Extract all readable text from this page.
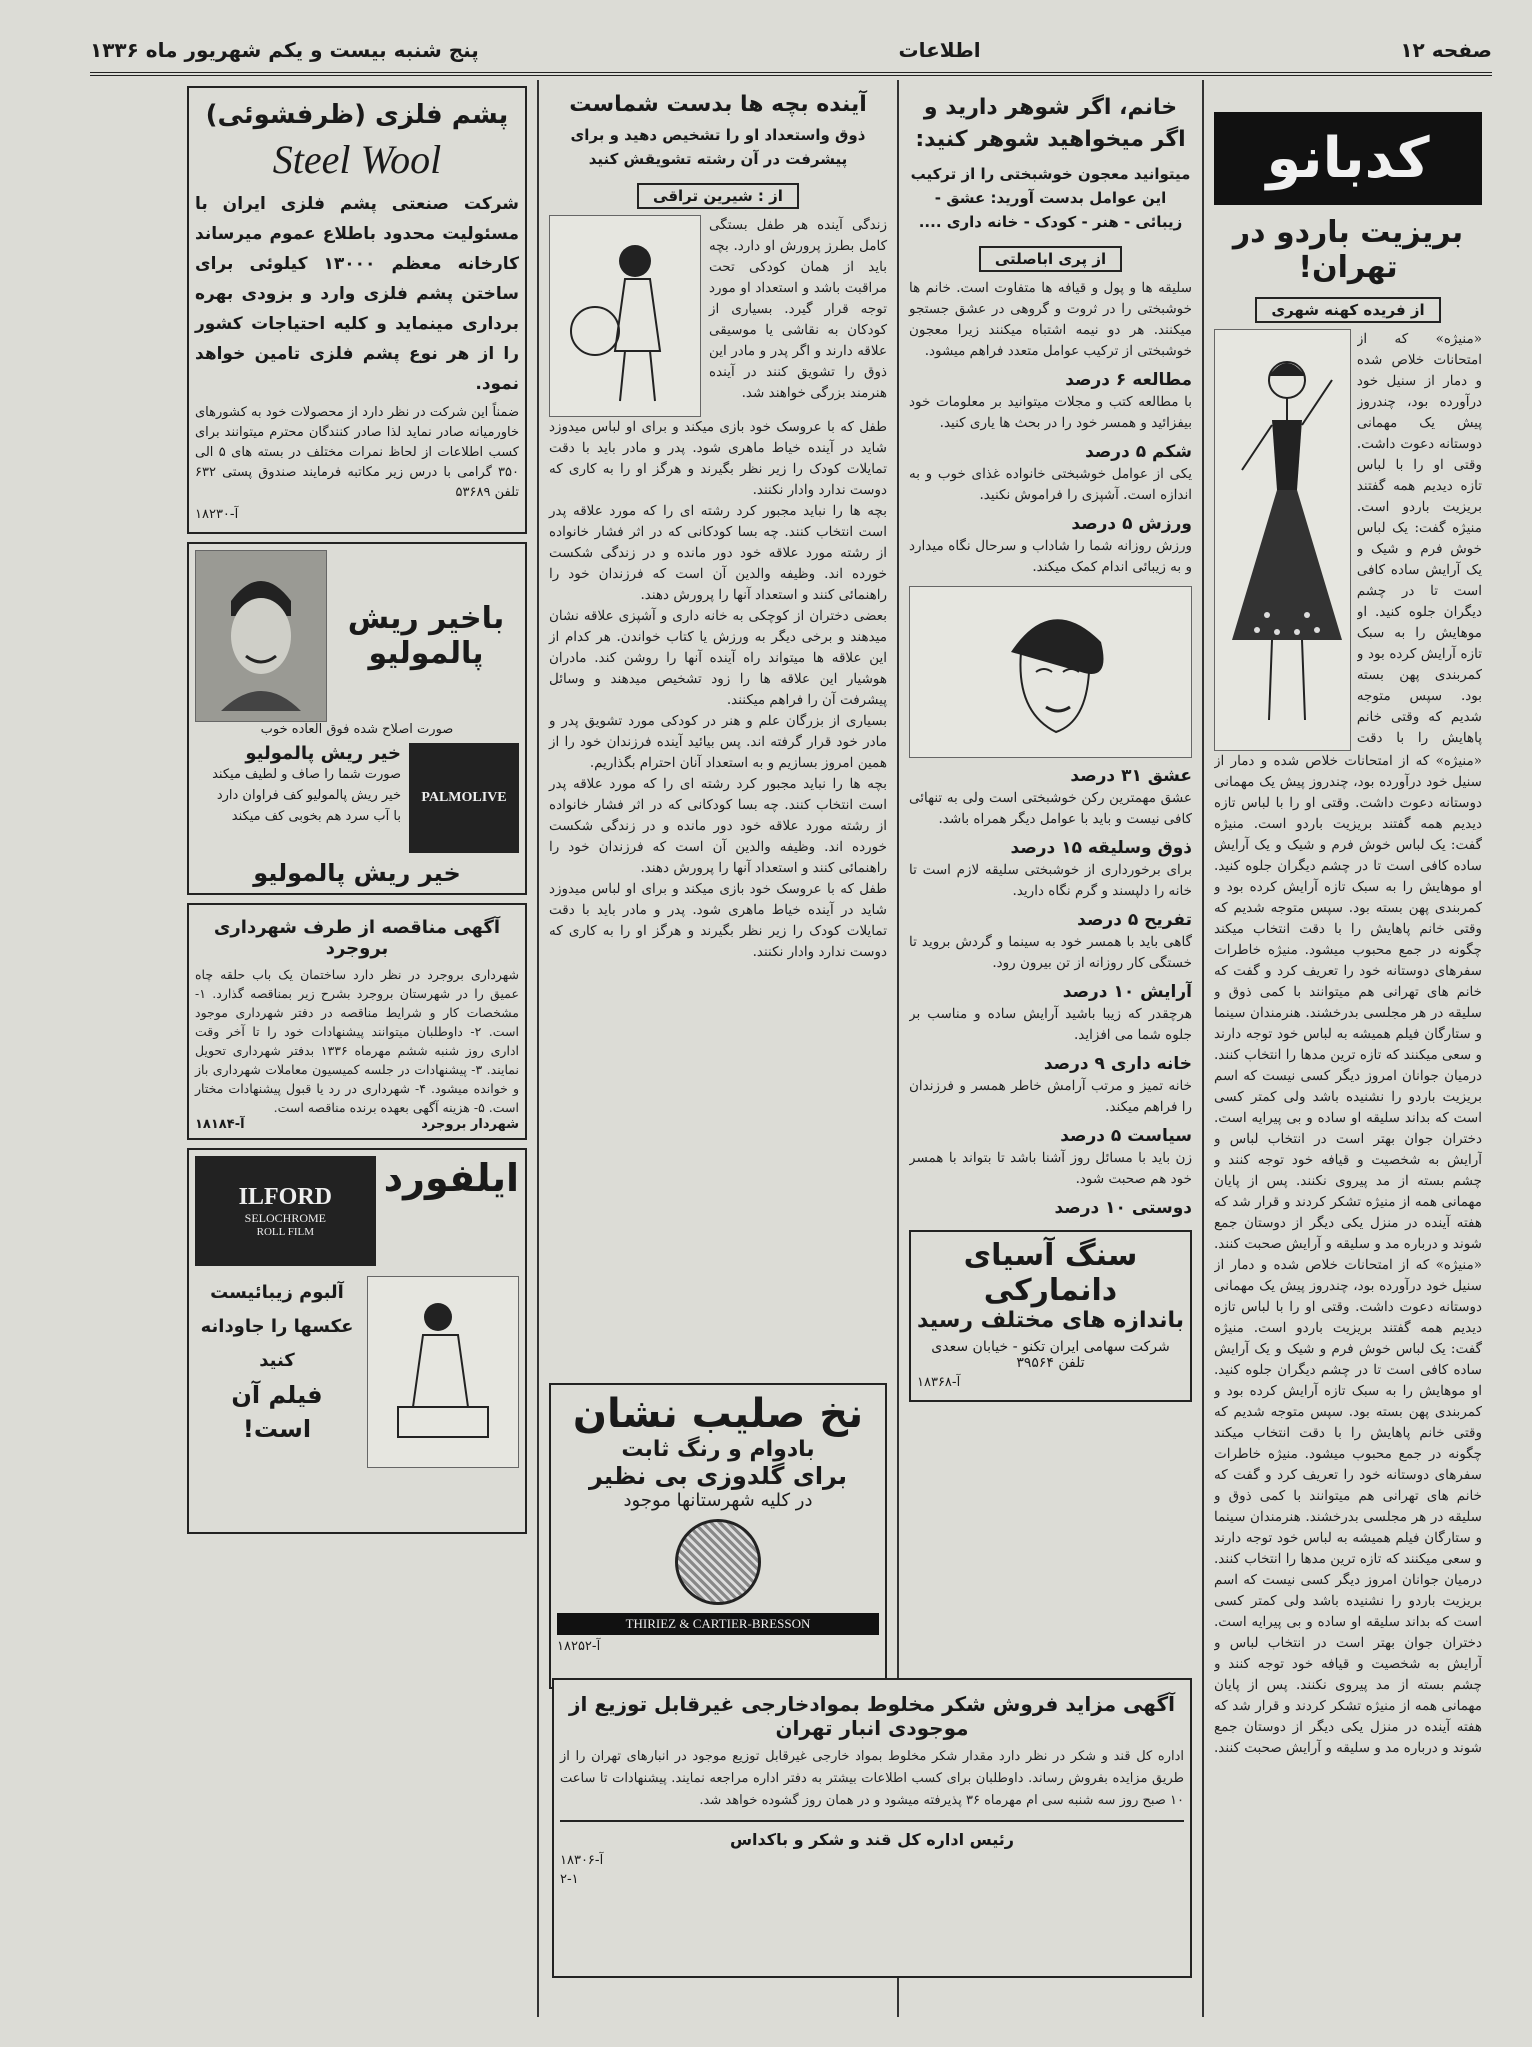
صفحه ۱۲
اطلاعات
پنج شنبه بیست و یکم شهریور ماه ۱۳۳۶
کدبانو
بریزیت باردو در تهران!
از فریده کهنه شهری
«منیژه» که از امتحانات خلاص شده و دمار از سنیل خود درآورده بود، چندروز پیش یک مهمانی دوستانه دعوت داشت. وقتی او را با لباس تازه دیدیم همه گفتند بریزیت باردو است. منیژه گفت: یک لباس خوش فرم و شیک و یک آرایش ساده کافی است تا در چشم دیگران جلوه کنید. او موهایش را به سبک تازه آرایش کرده بود و کمربندی پهن بسته بود. سپس متوجه شدیم که وقتی خانم پاهایش را با دقت
«منیژه» که از امتحانات خلاص شده و دمار از سنیل خود درآورده بود، چندروز پیش یک مهمانی دوستانه دعوت داشت. وقتی او را با لباس تازه دیدیم همه گفتند بریزیت باردو است. منیژه گفت: یک لباس خوش فرم و شیک و یک آرایش ساده کافی است تا در چشم دیگران جلوه کنید. او موهایش را به سبک تازه آرایش کرده بود و کمربندی پهن بسته بود. سپس متوجه شدیم که وقتی خانم پاهایش را با دقت انتخاب میکند چگونه در جمع محبوب میشود. منیژه خاطرات سفرهای دوستانه خود را تعریف کرد و گفت که خانم های تهرانی هم میتوانند با کمی ذوق و سلیقه در هر مجلسی بدرخشند. هنرمندان سینما و ستارگان فیلم همیشه به لباس خود توجه دارند و سعی میکنند که تازه ترین مدها را انتخاب کنند. درمیان جوانان امروز دیگر کسی نیست که اسم بریزیت باردو را نشنیده باشد ولی کمتر کسی است که بداند سلیقه او ساده و بی پیرایه است. دختران جوان بهتر است در انتخاب لباس و آرایش به شخصیت و قیافه خود توجه کنند و چشم بسته از مد پیروی نکنند. پس از پایان مهمانی همه از منیژه تشکر کردند و قرار شد که هفته آینده در منزل یکی دیگر از دوستان جمع شوند و درباره مد و سلیقه و آرایش صحبت کنند. «منیژه» که از امتحانات خلاص شده و دمار از سنیل خود درآورده بود، چندروز پیش یک مهمانی دوستانه دعوت داشت. وقتی او را با لباس تازه دیدیم همه گفتند بریزیت باردو است. منیژه گفت: یک لباس خوش فرم و شیک و یک آرایش ساده کافی است تا در چشم دیگران جلوه کنید. او موهایش را به سبک تازه آرایش کرده بود و کمربندی پهن بسته بود. سپس متوجه شدیم که وقتی خانم پاهایش را با دقت انتخاب میکند چگونه در جمع محبوب میشود. منیژه خاطرات سفرهای دوستانه خود را تعریف کرد و گفت که خانم های تهرانی هم میتوانند با کمی ذوق و سلیقه در هر مجلسی بدرخشند. هنرمندان سینما و ستارگان فیلم همیشه به لباس خود توجه دارند و سعی میکنند که تازه ترین مدها را انتخاب کنند. درمیان جوانان امروز دیگر کسی نیست که اسم بریزیت باردو را نشنیده باشد ولی کمتر کسی است که بداند سلیقه او ساده و بی پیرایه است. دختران جوان بهتر است در انتخاب لباس و آرایش به شخصیت و قیافه خود توجه کنند و چشم بسته از مد پیروی نکنند. پس از پایان مهمانی همه از منیژه تشکر کردند و قرار شد که هفته آینده در منزل یکی دیگر از دوستان جمع شوند و درباره مد و سلیقه و آرایش صحبت کنند.
خانم، اگر شوهر دارید و اگر میخواهید شوهر کنید:
میتوانید معجون خوشبختی را از ترکیب این عوامل بدست آورید: عشق - زیبائی - هنر - کودک - خانه داری ....
از پری اباصلتی
سلیقه ها و پول و قیافه ها متفاوت است. خانم ها خوشبختی را در ثروت و گروهی در عشق جستجو میکنند. هر دو نیمه اشتباه میکنند زیرا معجون خوشبختی از ترکیب عوامل متعدد فراهم میشود.
مطالعه ۶ درصد
با مطالعه کتب و مجلات میتوانید بر معلومات خود بیفزائید و همسر خود را در بحث ها یاری کنید.
شکم ۵ درصد
یکی از عوامل خوشبختی خانواده غذای خوب و به اندازه است. آشپزی را فراموش نکنید.
ورزش ۵ درصد
ورزش روزانه شما را شاداب و سرحال نگاه میدارد و به زیبائی اندام کمک میکند.
عشق ۳۱ درصد
عشق مهمترین رکن خوشبختی است ولی به تنهائی کافی نیست و باید با عوامل دیگر همراه باشد.
ذوق وسلیقه ۱۵ درصد
برای برخورداری از خوشبختی سلیقه لازم است تا خانه را دلپسند و گرم نگاه دارید.
تفریح ۵ درصد
گاهی باید با همسر خود به سینما و گردش بروید تا خستگی کار روزانه از تن بیرون رود.
آرایش ۱۰ درصد
هرچقدر که زیبا باشید آرایش ساده و مناسب بر جلوه شما می افزاید.
خانه داری ۹ درصد
خانه تمیز و مرتب آرامش خاطر همسر و فرزندان را فراهم میکند.
سیاست ۵ درصد
زن باید با مسائل روز آشنا باشد تا بتواند با همسر خود هم صحبت شود.
دوستی ۱۰ درصد
سنگ آسیای دانمارکی
باندازه های مختلف رسید
شرکت سهامی ایران تکنو - خیابان سعدی تلفن ۳۹۵۶۴
آ-۱۸۳۶۸
آینده بچه ها بدست شماست
ذوق واستعداد او را تشخیص دهید و برای پیشرفت در آن رشته تشویقش کنید
از : شیرین تراقی
زندگی آینده هر طفل بستگی کامل بطرز پرورش او دارد. بچه باید از همان کودکی تحت مراقبت باشد و استعداد او مورد توجه قرار گیرد. بسیاری از کودکان به نقاشی یا موسیقی علاقه دارند و اگر پدر و مادر این ذوق را تشویق کنند در آینده هنرمند بزرگی خواهند شد.
طفل که با عروسک خود بازی میکند و برای او لباس میدوزد شاید در آینده خیاط ماهری شود. پدر و مادر باید با دقت تمایلات کودک را زیر نظر بگیرند و هرگز او را به کاری که دوست ندارد وادار نکنند.
بچه ها را نباید مجبور کرد رشته ای را که مورد علاقه پدر است انتخاب کنند. چه بسا کودکانی که در اثر فشار خانواده از رشته مورد علاقه خود دور مانده و در زندگی شکست خورده اند. وظیفه والدین آن است که فرزندان خود را راهنمائی کنند و استعداد آنها را پرورش دهند.
بعضی دختران از کوچکی به خانه داری و آشپزی علاقه نشان میدهند و برخی دیگر به ورزش یا کتاب خواندن. هر کدام از این علاقه ها میتواند راه آینده آنها را روشن کند. مادران هوشیار این علاقه ها را زود تشخیص میدهند و وسائل پیشرفت آن را فراهم میکنند.
بسیاری از بزرگان علم و هنر در کودکی مورد تشویق پدر و مادر خود قرار گرفته اند. پس بیائید آینده فرزندان خود را از همین امروز بسازیم و به استعداد آنان احترام بگذاریم.
بچه ها را نباید مجبور کرد رشته ای را که مورد علاقه پدر است انتخاب کنند. چه بسا کودکانی که در اثر فشار خانواده از رشته مورد علاقه خود دور مانده و در زندگی شکست خورده اند. وظیفه والدین آن است که فرزندان خود را راهنمائی کنند و استعداد آنها را پرورش دهند.
طفل که با عروسک خود بازی میکند و برای او لباس میدوزد شاید در آینده خیاط ماهری شود. پدر و مادر باید با دقت تمایلات کودک را زیر نظر بگیرند و هرگز او را به کاری که دوست ندارد وادار نکنند.
نخ صلیب نشان
بادوام و رنگ ثابت
برای گلدوزی بی نظیر
در کلیه شهرستانها موجود
THIRIEZ & CARTIER-BRESSON
آ-۱۸۲۵۲
پشم فلزی (ظرفشوئی)
Steel Wool
شرکت صنعتی پشم فلزی ایران با مسئولیت محدود باطلاع عموم میرساند کارخانه معظم ۱۳۰۰۰ کیلوئی برای ساختن پشم فلزی وارد و بزودی بهره برداری مینماید و کلیه احتیاجات کشور را از هر نوع پشم فلزی تامین خواهد نمود.
ضمناً این شرکت در نظر دارد از محصولات خود به کشورهای خاورمیانه صادر نماید لذا صادر کنندگان محترم میتوانند برای کسب اطلاعات از لحاظ نمرات مختلف در بسته های ۵ الی ۳۵۰ گرامی با درس زیر مکاتبه فرمایند صندوق پستی ۶۳۲ تلفن ۵۳۶۸۹
آ-۱۸۲۳۰
باخیر ریش پالمولیو
صورت اصلاح شده فوق العاده خوب
PALMOLIVE
خیر ریش پالمولیو
صورت شما را صاف و لطیف میکند
خیر ریش پالمولیو کف فراوان دارد
با آب سرد هم بخوبی کف میکند
خیر ریش پالمولیو
آگهی مناقصه از طرف شهرداری بروجرد
شهرداری بروجرد در نظر دارد ساختمان یک باب حلقه چاه عمیق را در شهرستان بروجرد بشرح زیر بمناقصه گذارد. ۱- مشخصات کار و شرایط مناقصه در دفتر شهرداری موجود است. ۲- داوطلبان میتوانند پیشنهادات خود را تا آخر وقت اداری روز شنبه ششم مهرماه ۱۳۳۶ بدفتر شهرداری تحویل نمایند. ۳- پیشنهادات در جلسه کمیسیون معاملات شهرداری باز و خوانده میشود. ۴- شهرداری در رد یا قبول پیشنهادات مختار است. ۵- هزینه آگهی بعهده برنده مناقصه است.
شهردار بروجرد
آ-۱۸۱۸۴
ایلفورد
ILFORD
SELOCHROME
ROLL FILM
آلبوم زیبائیست
عکسها را جاودانه کنید
فیلم آن است!
آگهی مزاید فروش شکر مخلوط بموادخارجی غیرقابل توزیع از موجودی انبار تهران
اداره کل قند و شکر در نظر دارد مقدار شکر مخلوط بمواد خارجی غیرقابل توزیع موجود در انبارهای تهران را از طریق مزایده بفروش رساند. داوطلبان برای کسب اطلاعات بیشتر به دفتر اداره مراجعه نمایند. پیشنهادات تا ساعت ۱۰ صبح روز سه شنبه سی ام مهرماه ۳۶ پذیرفته میشود و در همان روز گشوده خواهد شد.
رئیس اداره کل قند و شکر و باکداس
آ-۱۸۳۰۶
۲-۱
